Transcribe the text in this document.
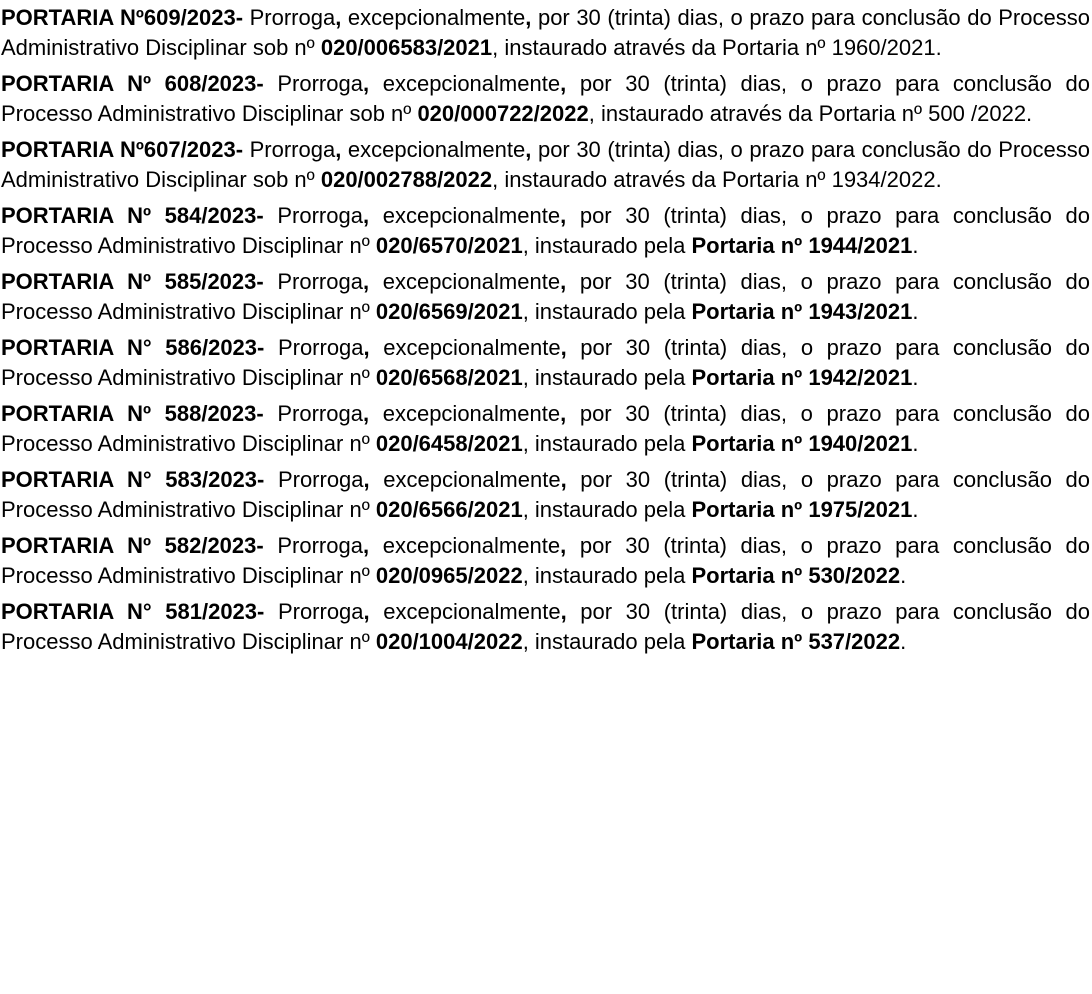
PORTARIA Nº609/2023- Prorroga, excepcionalmente, por 30 (trinta) dias, o prazo para conclusão do Processo Administrativo Disciplinar sob nº 020/006583/2021, instaurado através da Portaria nº 1960/2021.

PORTARIA Nº 608/2023- Prorroga, excepcionalmente, por 30 (trinta) dias, o prazo para conclusão do Processo Administrativo Disciplinar sob nº 020/000722/2022, instaurado através da Portaria nº 500 /2022.

PORTARIA Nº607/2023- Prorroga, excepcionalmente, por 30 (trinta) dias, o prazo para conclusão do Processo Administrativo Disciplinar sob nº 020/002788/2022, instaurado através da Portaria nº 1934/2022.

PORTARIA Nº 584/2023- Prorroga, excepcionalmente, por 30 (trinta) dias, o prazo para conclusão do Processo Administrativo Disciplinar nº 020/6570/2021, instaurado pela Portaria nº 1944/2021.

PORTARIA Nº 585/2023- Prorroga, excepcionalmente, por 30 (trinta) dias, o prazo para conclusão do Processo Administrativo Disciplinar nº 020/6569/2021, instaurado pela Portaria nº 1943/2021.

PORTARIA N° 586/2023- Prorroga, excepcionalmente, por 30 (trinta) dias, o prazo para conclusão do Processo Administrativo Disciplinar nº 020/6568/2021, instaurado pela Portaria nº 1942/2021.

PORTARIA Nº 588/2023- Prorroga, excepcionalmente, por 30 (trinta) dias, o prazo para conclusão do Processo Administrativo Disciplinar nº 020/6458/2021, instaurado pela Portaria nº 1940/2021.

PORTARIA N° 583/2023- Prorroga, excepcionalmente, por 30 (trinta) dias, o prazo para conclusão do Processo Administrativo Disciplinar nº 020/6566/2021, instaurado pela Portaria nº 1975/2021.

PORTARIA Nº 582/2023- Prorroga, excepcionalmente, por 30 (trinta) dias, o prazo para conclusão do Processo Administrativo Disciplinar nº 020/0965/2022, instaurado pela Portaria nº 530/2022.

PORTARIA N° 581/2023- Prorroga, excepcionalmente, por 30 (trinta) dias, o prazo para conclusão do Processo Administrativo Disciplinar nº 020/1004/2022, instaurado pela Portaria nº 537/2022.
